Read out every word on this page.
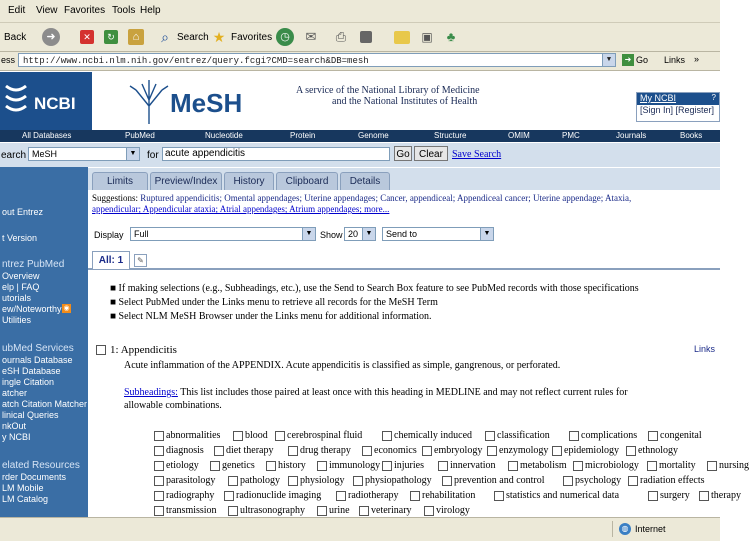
Edit View Favorites Tools Help
Back	➜	✕	↻	⌂	⌕ Search ★ Favorites ◷	✉ ⎙	▣	♣
ess http://www.ncbi.nlm.nih.gov/entrez/query.fcgi?CMD=search&DB=mesh	▼	➜ Go Links »
NCBI	MeSH	A service of the National Library of Medicine
and the National Institutes of Health	My NCBI	?
[Sign In] [Register]
All Databases	PubMed	Nucleotide	Protein	Genome	Structure	OMIM	PMC	Journals	Books
earch MeSH	▼ for acute appendicitis	Go Clear Save Search
Limits	Preview/Index	History	Clipboard	Details
out Entrez
t Version
ntrez PubMed
Overview
elp | FAQ
utorials
ew/Noteworthy ◉
Utilities
ubMed Services
ournals Database
eSH Database
ingle Citation
atcher
atch Citation Matcher
linical Queries
nkOut
y NCBI
elated Resources
rder Documents
LM Mobile
LM Catalog
Suggestions: Ruptured appendicitis; Omental appendages; Uterine appendages; Cancer, appendiceal; Appendiceal cancer; Uterine appendage; Ataxia,
appendicular; Appendicular ataxia; Atrial appendages; Atrium appendages; more...
Display	Full	▼ Show 20	▼	Send to	▼
All: 1	✎
■ If making selections (e.g., Subheadings, etc.), use the Send to Search Box feature to see PubMed records with those specifications
■ Select PubMed under the Links menu to retrieve all records for the MeSH Term
■ Select NLM MeSH Browser under the Links menu for additional information.
1: Appendicitis	Links
Acute inflammation of the APPENDIX. Acute appendicitis is classified as simple, gangrenous, or perforated.
Subheadings: This list includes those paired at least once with this heading in MEDLINE and may not reflect current rules for
allowable combinations.
abnormalities	blood	cerebrospinal fluid	chemically induced	classification	complications	congenital
diagnosis	diet therapy	drug therapy	economics	embryology	enzymology	epidemiology	ethnology
etiology	genetics	history	immunology	injuries	innervation	metabolism	microbiology	mortality	nursing
parasitology	pathology	physiology	physiopathology	prevention and control	psychology	radiation effects
radiography	radionuclide imaging	radiotherapy	rehabilitation	statistics and numerical data	surgery	therapy
transmission	ultrasonography	urine	veterinary	virology
◍ Internet
